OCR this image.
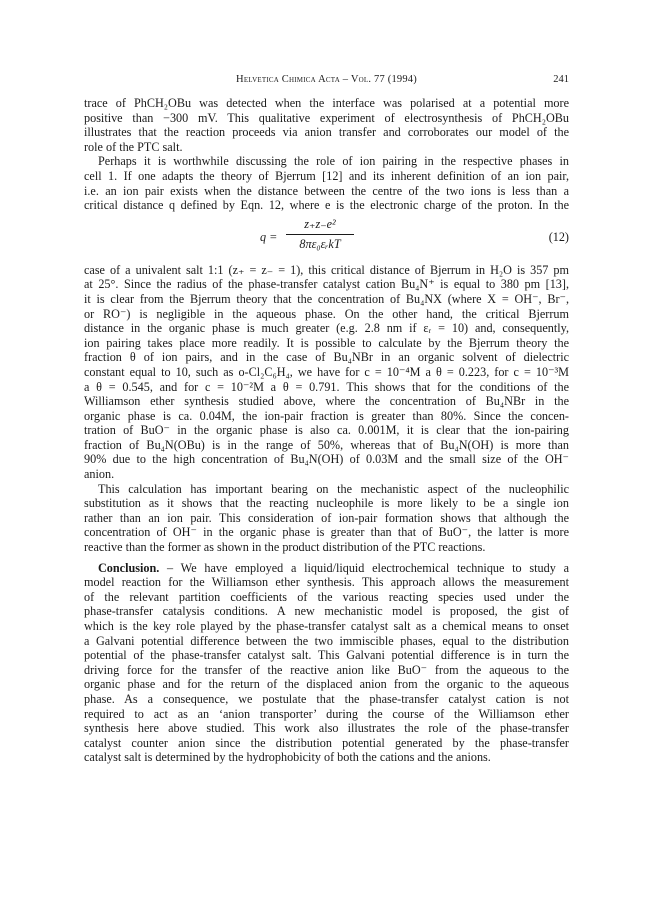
Helvetica Chimica Acta – Vol. 77 (1994)	241
trace of PhCH₂OBu was detected when the interface was polarised at a potential more
positive than −300 mV. This qualitative experiment of electrosynthesis of PhCH₂OBu
illustrates that the reaction proceeds via anion transfer and corroborates our model of the
role of the PTC salt.
Perhaps it is worthwhile discussing the role of ion pairing in the respective phases in
cell 1. If one adapts the theory of Bjerrum [12] and its inherent definition of an ion pair,
i.e. an ion pair exists when the distance between the centre of the two ions is less than a
critical distance q defined by Eqn. 12, where e is the electronic charge of the proton. In the
q =
z₊z₋e²
8πε₀εᵣkT	(12)
case of a univalent salt 1:1 (z₊ = z₋ = 1), this critical distance of Bjerrum in H₂O is 357 pm
at 25°. Since the radius of the phase-transfer catalyst cation Bu₄N⁺ is equal to 380 pm [13],
it is clear from the Bjerrum theory that the concentration of Bu₄NX (where X = OH⁻, Br⁻,
or RO⁻) is negligible in the aqueous phase. On the other hand, the critical Bjerrum
distance in the organic phase is much greater (e.g. 2.8 nm if εᵣ = 10) and, consequently,
ion pairing takes place more readily. It is possible to calculate by the Bjerrum theory the
fraction θ of ion pairs, and in the case of Bu₄NBr in an organic solvent of dielectric
constant equal to 10, such as o-Cl₂C₆H₄, we have for c = 10⁻⁴M a θ = 0.223, for c = 10⁻³M
a θ = 0.545, and for c = 10⁻²M a θ = 0.791. This shows that for the conditions of the
Williamson ether synthesis studied above, where the concentration of Bu₄NBr in the
organic phase is ca. 0.04M, the ion-pair fraction is greater than 80%. Since the concen-
tration of BuO⁻ in the organic phase is also ca. 0.001M, it is clear that the ion-pairing
fraction of Bu₄N(OBu) is in the range of 50%, whereas that of Bu₄N(OH) is more than
90% due to the high concentration of Bu₄N(OH) of 0.03M and the small size of the OH⁻
anion.
This calculation has important bearing on the mechanistic aspect of the nucleophilic
substitution as it shows that the reacting nucleophile is more likely to be a single ion
rather than an ion pair. This consideration of ion-pair formation shows that although the
concentration of OH⁻ in the organic phase is greater than that of BuO⁻, the latter is more
reactive than the former as shown in the product distribution of the PTC reactions.
Conclusion. – We have employed a liquid/liquid electrochemical technique to study a
model reaction for the Williamson ether synthesis. This approach allows the measurement
of the relevant partition coefficients of the various reacting species used under the
phase-transfer catalysis conditions. A new mechanistic model is proposed, the gist of
which is the key role played by the phase-transfer catalyst salt as a chemical means to onset
a Galvani potential difference between the two immiscible phases, equal to the distribution
potential of the phase-transfer catalyst salt. This Galvani potential difference is in turn the
driving force for the transfer of the reactive anion like BuO⁻ from the aqueous to the
organic phase and for the return of the displaced anion from the organic to the aqueous
phase. As a consequence, we postulate that the phase-transfer catalyst cation is not
required to act as an ‘anion transporter’ during the course of the Williamson ether
synthesis here above studied. This work also illustrates the role of the phase-transfer
catalyst counter anion since the distribution potential generated by the phase-transfer
catalyst salt is determined by the hydrophobicity of both the cations and the anions.
